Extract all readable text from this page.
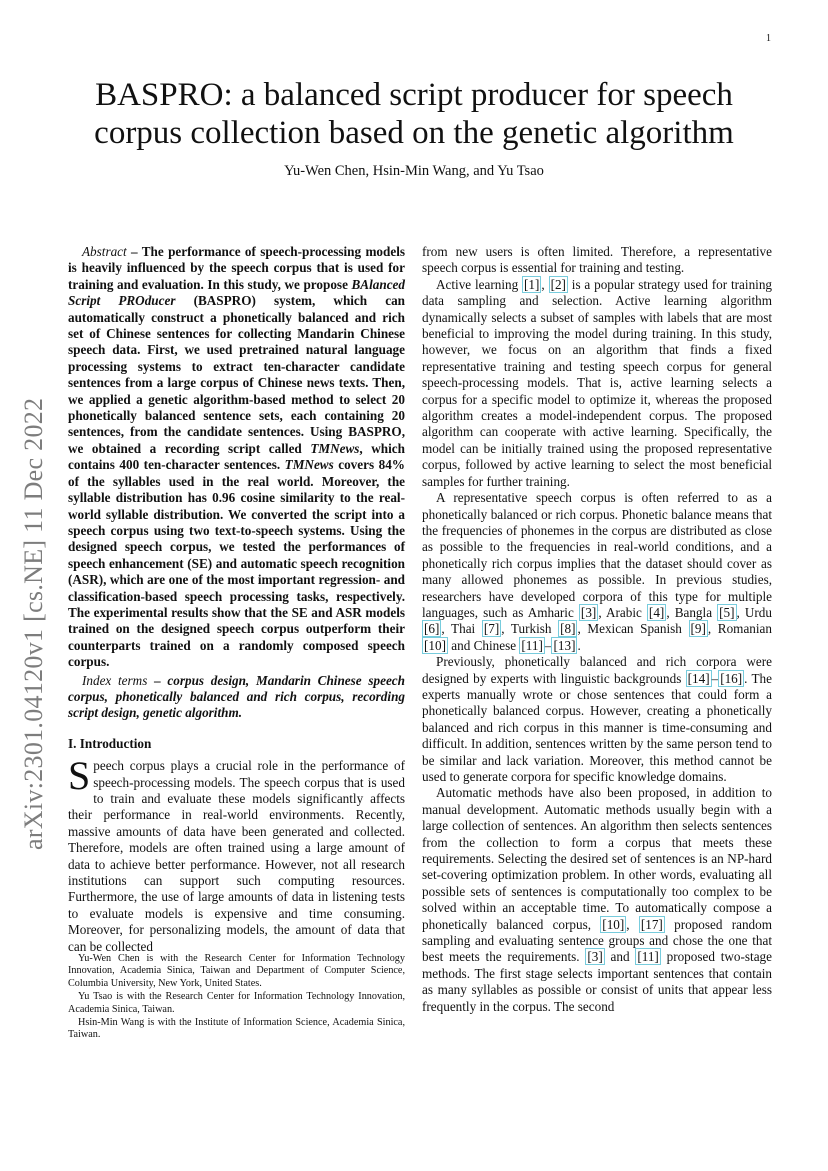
1
arXiv:2301.04120v1 [cs.NE] 11 Dec 2022
BASPRO: a balanced script producer for speech corpus collection based on the genetic algorithm
Yu-Wen Chen, Hsin-Min Wang, and Yu Tsao

Abstract – The performance of speech-processing models is heavily influenced by the speech corpus that is used for training and evaluation. In this study, we propose BAlanced Script PROducer (BASPRO) system, which can automatically construct a phonetically balanced and rich set of Chinese sentences for collecting Mandarin Chinese speech data. First, we used pretrained natural language processing systems to extract ten-character candidate sentences from a large corpus of Chinese news texts. Then, we applied a genetic algorithm-based method to select 20 phonetically balanced sentence sets, each containing 20 sentences, from the candidate sentences. Using BASPRO, we obtained a recording script called TMNews, which contains 400 ten-character sentences. TMNews covers 84% of the syllables used in the real world. Moreover, the syllable distribution has 0.96 cosine similarity to the real-world syllable distribution. We converted the script into a speech corpus using two text-to-speech systems. Using the designed speech corpus, we tested the performances of speech enhancement (SE) and automatic speech recognition (ASR), which are one of the most important regression- and classification-based speech processing tasks, respectively. The experimental results show that the SE and ASR models trained on the designed speech corpus outperform their counterparts trained on a randomly composed speech corpus.

Index terms – corpus design, Mandarin Chinese speech corpus, phonetically balanced and rich corpus, recording script design, genetic algorithm.

I. Introduction

Speech corpus plays a crucial role in the performance of speech-processing models. The speech corpus that is used to train and evaluate these models significantly affects their performance in real-world environments. Recently, massive amounts of data have been generated and collected. Therefore, models are often trained using a large amount of data to achieve better performance. However, not all research institutions can support such computing resources. Furthermore, the use of large amounts of data in listening tests to evaluate models is expensive and time consuming. Moreover, for personalizing models, the amount of data that can be collected

Yu-Wen Chen is with the Research Center for Information Technology Innovation, Academia Sinica, Taiwan and Department of Computer Science, Columbia University, New York, United States.

Yu Tsao is with the Research Center for Information Technology Innovation, Academia Sinica, Taiwan.

Hsin-Min Wang is with the Institute of Information Science, Academia Sinica, Taiwan.

from new users is often limited. Therefore, a representative speech corpus is essential for training and testing.

Active learning [1] , [2] is a popular strategy used for training data sampling and selection. Active learning algorithm dynamically selects a subset of samples with labels that are most beneficial to improving the model during training. In this study, however, we focus on an algorithm that finds a fixed representative training and testing speech corpus for general speech-processing models. That is, active learning selects a corpus for a specific model to optimize it, whereas the proposed algorithm creates a model-independent corpus. The proposed algorithm can cooperate with active learning. Specifically, the model can be initially trained using the proposed representative corpus, followed by active learning to select the most beneficial samples for further training.

A representative speech corpus is often referred to as a phonetically balanced or rich corpus. Phonetic balance means that the frequencies of phonemes in the corpus are distributed as close as possible to the frequencies in real-world conditions, and a phonetically rich corpus implies that the dataset should cover as many allowed phonemes as possible. In previous studies, researchers have developed corpora of this type for multiple languages, such as Amharic [3] , Arabic [4] , Bangla [5] , Urdu [6] , Thai [7] , Turkish [8] , Mexican Spanish [9] , Romanian [10] and Chinese [11] – [13] .

Previously, phonetically balanced and rich corpora were designed by experts with linguistic backgrounds [14] – [16] . The experts manually wrote or chose sentences that could form a phonetically balanced corpus. However, creating a phonetically balanced and rich corpus in this manner is time-consuming and difficult. In addition, sentences written by the same person tend to be similar and lack variation. Moreover, this method cannot be used to generate corpora for specific knowledge domains.

Automatic methods have also been proposed, in addition to manual development. Automatic methods usually begin with a large collection of sentences. An algorithm then selects sentences from the collection to form a corpus that meets these requirements. Selecting the desired set of sentences is an NP-hard set-covering optimization problem. In other words, evaluating all possible sets of sentences is computationally too complex to be solved within an acceptable time. To automatically compose a phonetically balanced corpus, [10] , [17] proposed random sampling and evaluating sentence groups and chose the one that best meets the requirements. [3] and [11] proposed two-stage methods. The first stage selects important sentences that contain as many syllables as possible or consist of units that appear less frequently in the corpus. The second
